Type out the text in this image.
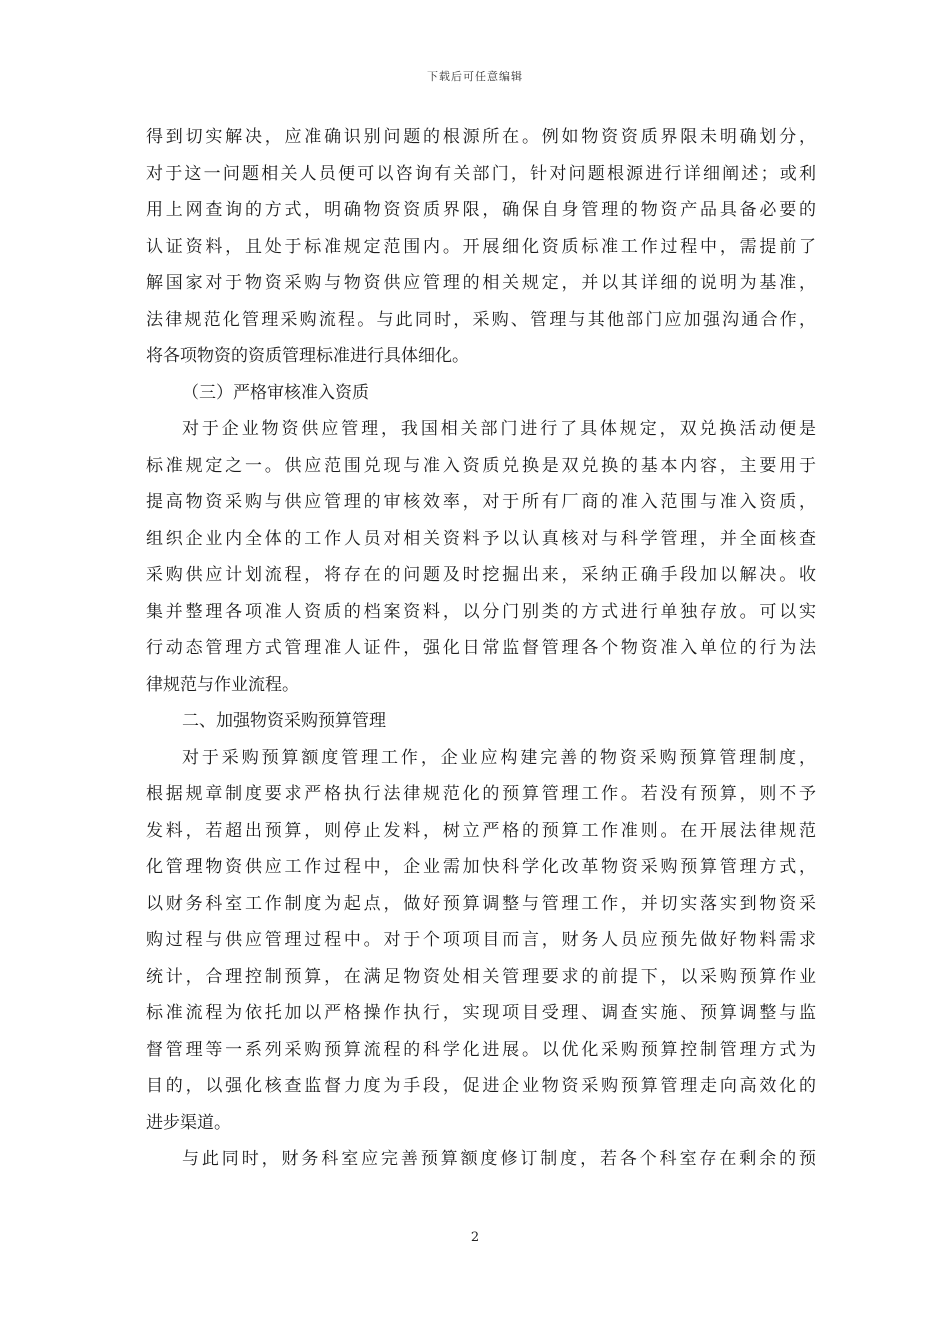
下载后可任意编辑
得到切实解决，应准确识别问题的根源所在。例如物资资质界限未明确划分，
对于这一问题相关人员便可以咨询有关部门，针对问题根源进行详细阐述；或利
用上网查询的方式，明确物资资质界限，确保自身管理的物资产品具备必要的
认证资料，且处于标准规定范围内。开展细化资质标准工作过程中，需提前了
解国家对于物资采购与物资供应管理的相关规定，并以其详细的说明为基准，
法律规范化管理采购流程。与此同时，采购、管理与其他部门应加强沟通合作，
将各项物资的资质管理标准进行具体细化。
（三）严格审核准入资质
对于企业物资供应管理，我国相关部门进行了具体规定，双兑换活动便是
标准规定之一。供应范围兑现与准入资质兑换是双兑换的基本内容，主要用于
提高物资采购与供应管理的审核效率，对于所有厂商的准入范围与准入资质，
组织企业内全体的工作人员对相关资料予以认真核对与科学管理，并全面核查
采购供应计划流程，将存在的问题及时挖掘出来，采纳正确手段加以解决。收
集并整理各项准人资质的档案资料，以分门别类的方式进行单独存放。可以实
行动态管理方式管理准人证件，强化日常监督管理各个物资准入单位的行为法
律规范与作业流程。
二、加强物资采购预算管理
对于采购预算额度管理工作，企业应构建完善的物资采购预算管理制度，
根据规章制度要求严格执行法律规范化的预算管理工作。若没有预算，则不予
发料，若超出预算，则停止发料，树立严格的预算工作准则。在开展法律规范
化管理物资供应工作过程中，企业需加快科学化改革物资采购预算管理方式，
以财务科室工作制度为起点，做好预算调整与管理工作，并切实落实到物资采
购过程与供应管理过程中。对于个项项目而言，财务人员应预先做好物料需求
统计，合理控制预算，在满足物资处相关管理要求的前提下，以采购预算作业
标准流程为依托加以严格操作执行，实现项目受理、调查实施、预算调整与监
督管理等一系列采购预算流程的科学化进展。以优化采购预算控制管理方式为
目的，以强化核查监督力度为手段，促进企业物资采购预算管理走向高效化的
进步渠道。
与此同时，财务科室应完善预算额度修订制度，若各个科室存在剩余的预
2
